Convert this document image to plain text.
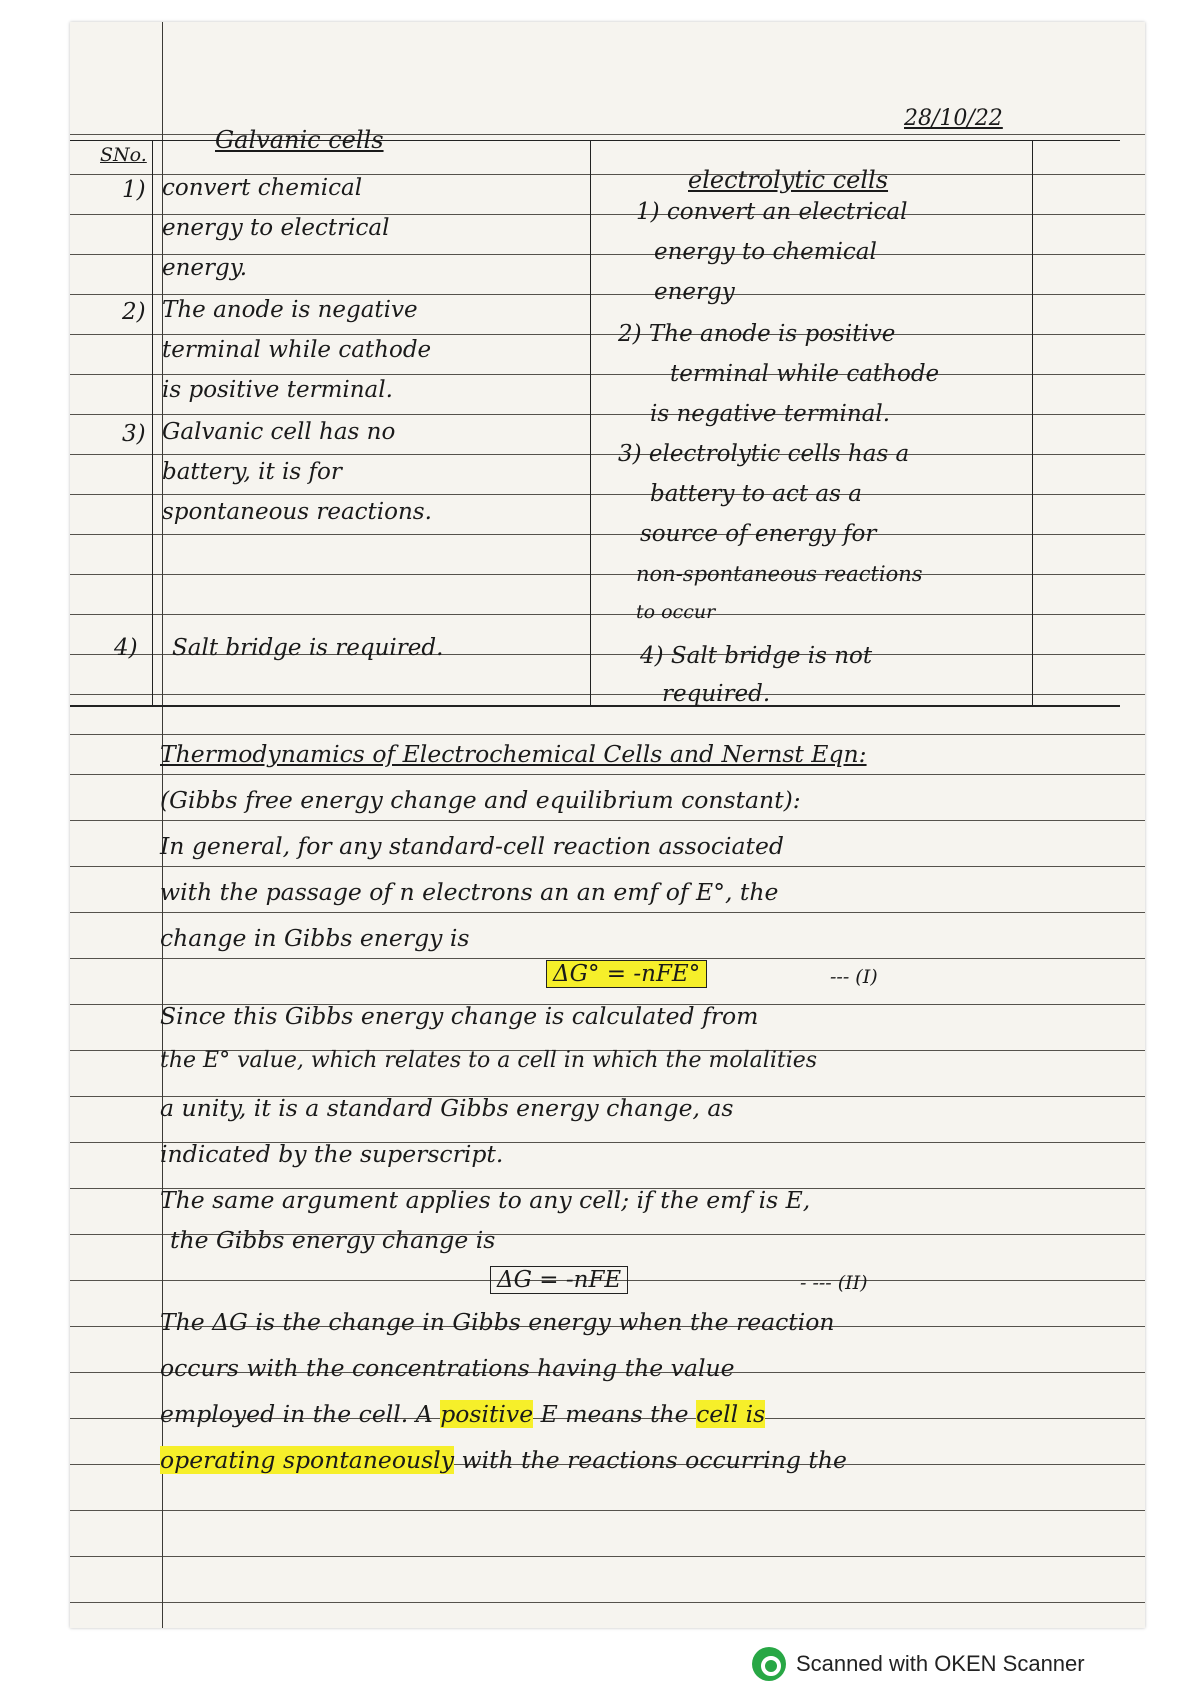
28/10/22
SNo.
Galvanic cells
electrolytic cells
1) convert chemical
energy to electrical
energy.
1) convert an electrical
energy to chemical
energy
2) The anode is negative
terminal while cathode
is positive terminal.
2) The anode is positive
terminal while cathode
is negative terminal.
3) Galvanic cell has no
battery, it is for
spontaneous reactions.
3) electrolytic cells has a
battery to act as a
source of energy for
non-spontaneous reactions
to occur
4) Salt bridge is required.	4) Salt bridge is not
required.
Thermodynamics of Electrochemical Cells and Nernst Eqn:
(Gibbs free energy change and equilibrium constant):
In general, for any standard-cell reaction associated
with the passage of n electrons an an emf of E°, the
change in Gibbs energy is
ΔG° = -nFE°	--- (I)
Since this Gibbs energy change is calculated from
the E° value, which relates to a cell in which the molalities
a unity, it is a standard Gibbs energy change, as
indicated by the superscript.
The same argument applies to any cell; if the emf is E,
the Gibbs energy change is
ΔG = -nFE	- --- (II)
The ΔG is the change in Gibbs energy when the reaction
occurs with the concentrations having the value
employed in the cell. A positive E means the cell is
operating spontaneously with the reactions occurring the
Scanned with OKEN Scanner
